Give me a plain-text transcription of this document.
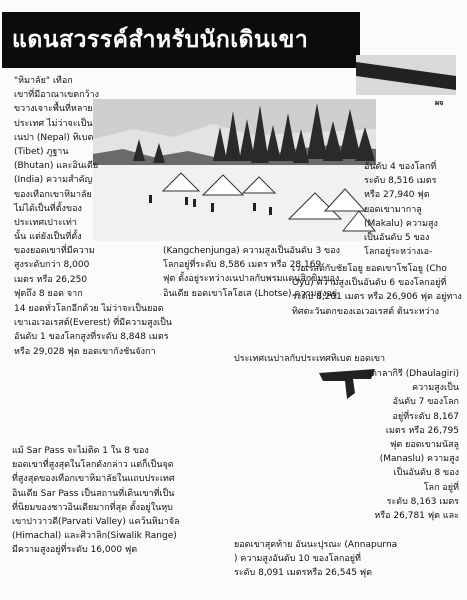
แดนสวรรค์สำหรับนักเดินเขา
ผจ
"หิมาลัย" เทือก
เขาที่มีอาณาเขตกว้าง
ขวางเจาะพื้นที่หลาย
ประเทศ ไม่ว่าจะเป็น
เนปา (Nepal) ทิเบต
(Tibet) ภูฐาน
(Bhutan) และอินเดีย
(India) ความสำคัญ
ของเทือกเขาหิมาลัย
ไม่ได้เป็นที่ตั้งของ
ประเทศเปาะเท่า
นั้น แต่ยังเป็นที่ตั้ง
ของยอดเขาที่มีความ
สูงระดับกว่า 8,000
เมตร หรือ 26,250
ฟุตถึง 8 ยอด จาก
อันดับ 4 ของโลกที่
ระดับ 8,516 เมตร
หรือ 27,940 ฟุต
ยอดเขามากาลู
(Makalu) ความสูง
เป็นอันดับ 5 ของ
โลกอยู่ระหว่างเอ-
14 ยอดทั่วโลกอีกด้วย ไม่ว่าจะเป็นยอด
เขาเอเวอเรสต์(Everest) ที่มีความสูงเป็น
อันดับ 1 ของโลกสูงที่ระดับ 8,848 เมตร
หรือ 29,028 ฟุต ยอดเขากังชันจังกา
(Kangchenjunga) ความสูงเป็นอันดับ 3 ของ
โลกอยู่ที่ระดับ 8,586 เมตร หรือ 28,169
ฟุต ตั้งอยู่ระหว่างเนปาลกับพรมแดนสิกขิมของ
อินเดีย ยอดเขาโลโฮเส (Lhotse) ความสูงอยู่
เวอเรสต์กับชัยโอยู ยอดเขาโชโอยู (Cho
Oyu) ความสูงเป็นอันดับ 6 ของโลกอยู่ที่
ระดับ 8,201 เมตร หรือ 26,906 ฟุต อยู่ทาง
ทิศตะวันตกของเอเวอเรสต์ ต้นระหว่าง
ประเทศเนปาลกับประเทศทิเบต ยอดเขา
เดาลากิรี (Dhaulagiri)
ความสูงเป็น
อันดับ 7 ของโลก
อยู่ที่ระดับ 8,167
เมตร หรือ 26,795
ฟุต ยอดเขามนัสลู
(Manaslu) ความสูง
เป็นอันดับ 8 ของ
โลก อยู่ที่
ระดับ 8,163 เมตร
หรือ 26,781 ฟุต และ
ยอดเขาสุดท้าย อันนะปุรณะ (Annapurna
) ความสูงอันดับ 10 ของโลกอยู่ที่
ระดับ 8,091 เมตรหรือ 26,545 ฟุต
แม้ Sar Pass จะไม่ติด 1 ใน 8 ของ
ยอดเขาที่สูงสุดในโลกดังกล่าว แต่ก็เป็นจุด
ที่สูงสุดของเทือกเขาหิมาลัยในแถบประเทศ
อินเดีย Sar Pass เป็นสถานที่เดินเขาที่เป็น
ที่นิยมของชาวอินเดียมากที่สุด ตั้งอยู่ในหุบ
เขาปาวาวดี(Parvati Valley) แคว้นหิมาจัล
(Himachal) และศิวาลิก(Siwalik Range)
มีความสูงอยู่ที่ระดับ 16,000 ฟุต
